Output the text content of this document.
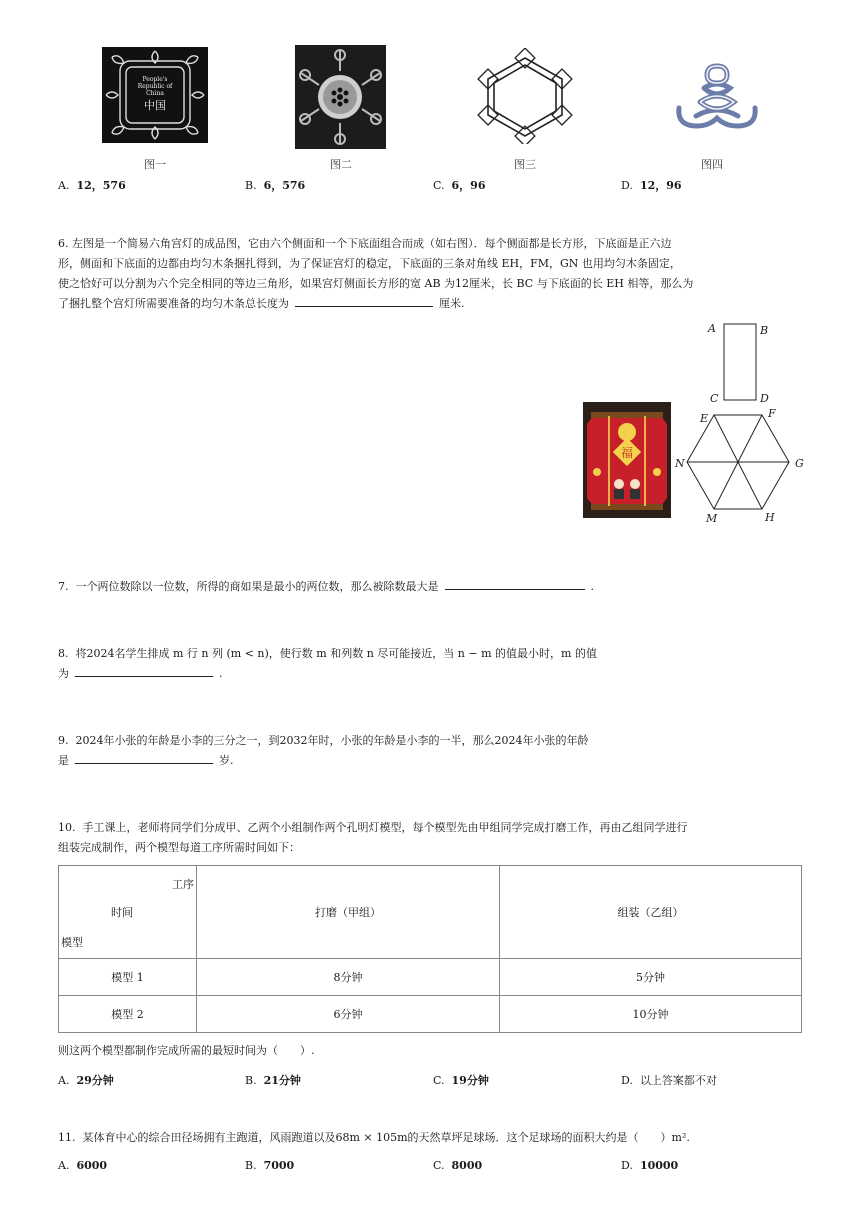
People's
Republic of
China
中国
图一	图二	图三	图四
A. 12，576	B. 6，576	C. 6，96	D. 12，96
6. 左图是一个简易六角宫灯的成品图，它由六个侧面和一个下底面组合而成（如右图）．每个侧面都是长方形，下底面是正六边
形，侧面和下底面的边都由均匀木条捆扎得到，为了保证宫灯的稳定，下底面的三条对角线 EH，FM，GN 也用均匀木条固定，
使之恰好可以分割为六个完全相同的等边三角形，如果宫灯侧面长方形的宽 AB 为12厘米，长 BC 与下底面的长 EH 相等，那么为
了捆扎整个宫灯所需要准备的均匀木条总长度为	厘米.
福
A	B
C	D
E	F
G
H
M
N
7. 一个两位数除以一位数，所得的商如果是最小的两位数，那么被除数最大是	.
8. 将2024名学生排成 m 行 n 列 (m < n)，使行数 m 和列数 n 尽可能接近，当 n − m 的值最小时，m 的值
为	.
9. 2024年小张的年龄是小李的三分之一，到2032年时，小张的年龄是小李的一半，那么2024年小张的年龄
是	岁.
10. 手工课上，老师将同学们分成甲、乙两个小组制作两个孔明灯模型，每个模型先由甲组同学完成打磨工作，再由乙组同学进行
组装完成制作，两个模型每道工序所需时间如下：
工序
时间
模型	打磨（甲组）	组装（乙组）
模型 1	8分钟	5分钟
模型 2	6分钟	10分钟
则这两个模型都制作完成所需的最短时间为（　　）.
A. 29分钟	B. 21分钟	C. 19分钟	D. 以上答案都不对
11. 某体育中心的综合田径场拥有主跑道，风雨跑道以及68m × 105m的天然草坪足球场．这个足球场的面积大约是（　　）m².
A. 6000	B. 7000	C. 8000	D. 10000
